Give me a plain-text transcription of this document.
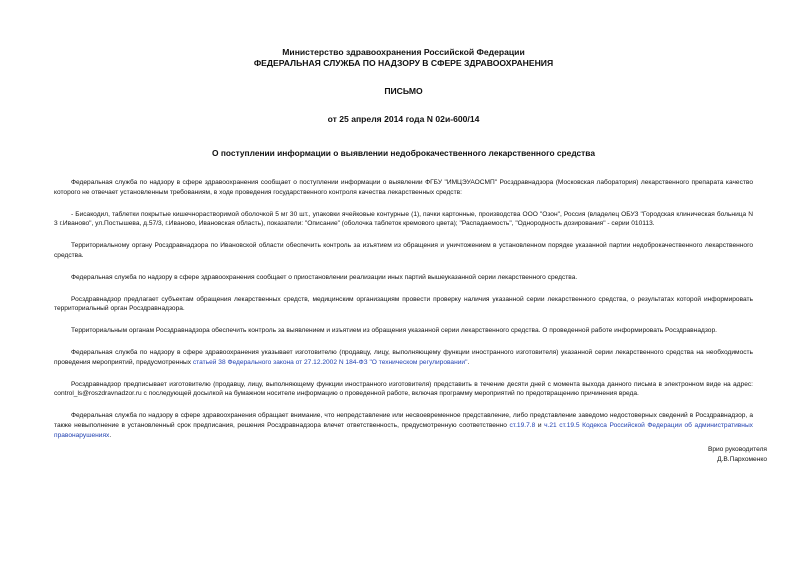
Министерство здравоохранения Российской Федерации
ФЕДЕРАЛЬНАЯ СЛУЖБА ПО НАДЗОРУ В СФЕРЕ ЗДРАВООХРАНЕНИЯ
ПИСЬМО
от 25 апреля 2014 года N 02и-600/14
О поступлении информации о выявлении недоброкачественного лекарственного средства

Федеральная служба по надзору в сфере здравоохранения сообщает о поступлении информации о выявлении ФГБУ "ИМЦЭУАОСМП" Росздравнадзора (Московская лаборатория) лекарственного препарата качество которого не отвечает установленным требованиям, в ходе проведения государственного контроля качества лекарственных средств:

- Бисакодил, таблетки покрытые кишечнорастворимой оболочкой 5 мг 30 шт., упаковки ячейковые контурные (1), пачки картонные, производства ООО "Озон", Россия (владелец ОБУЗ "Городская клиническая больница N 3 г.Иваново", ул.Постышева, д.57/3, г.Иваново, Ивановская область), показатели: "Описание" (оболочка таблеток кремового цвета); "Распадаемость", "Однородность дозирования" - серии 010113.

Территориальному органу Росздравнадзора по Ивановской области обеспечить контроль за изъятием из обращения и уничтожением в установленном порядке указанной партии недоброкачественного лекарственного средства.

Федеральная служба по надзору в сфере здравоохранения сообщает о приостановлении реализации иных партий вышеуказанной серии лекарственного средства.

Росздравнадзор предлагает субъектам обращения лекарственных средств, медицинским организациям провести проверку наличия указанной серии лекарственного средства, о результатах которой информировать территориальный орган Росздравнадзора.

Территориальным органам Росздравнадзора обеспечить контроль за выявлением и изъятием из обращения указанной серии лекарственного средства. О проведенной работе информировать Росздравнадзор.

Федеральная служба по надзору в сфере здравоохранения указывает изготовителю (продавцу, лицу, выполняющему функции иностранного изготовителя) указанной серии лекарственного средства на необходимость проведения мероприятий, предусмотренных статьей 38 Федерального закона от 27.12.2002 N 184-ФЗ "О техническом регулировании".

Росздравнадзор предписывает изготовителю (продавцу, лицу, выполняющему функции иностранного изготовителя) представить в течение десяти дней с момента выхода данного письма в электронном виде на адрес: control_ls@roszdravnadzor.ru с последующей досылкой на бумажном носителе информацию о проведенной работе, включая программу мероприятий по предотвращению причинения вреда.

Федеральная служба по надзору в сфере здравоохранения обращает внимание, что непредставление или несвоевременное представление, либо представление заведомо недостоверных сведений в Росздравнадзор, а также невыполнение в установленный срок предписания, решения Росздравнадзора влечет ответственность, предусмотренную соответственно ст.19.7.8 и ч.21 ст.19.5 Кодекса Российской Федерации об административных правонарушениях.

Врио руководителя
Д.В.Пархоменко
